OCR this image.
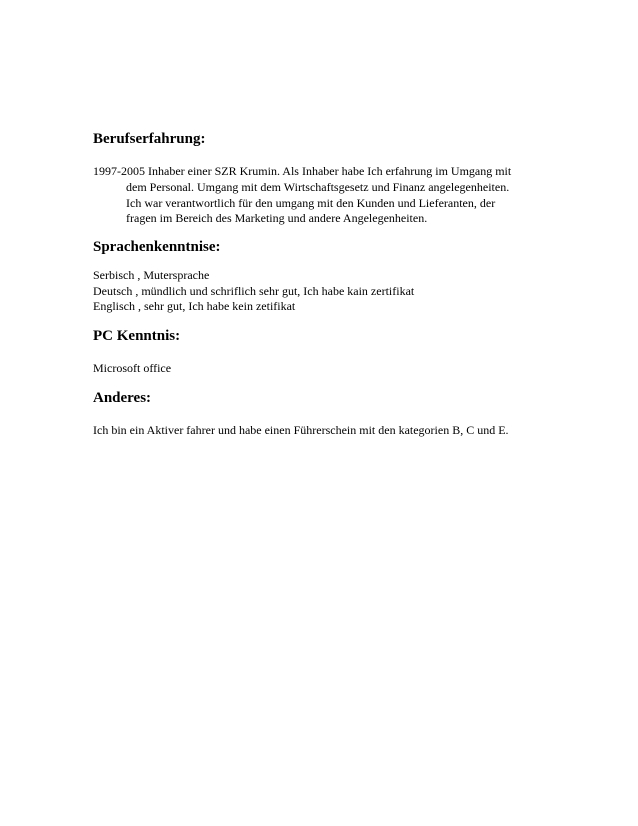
Berufserfahrung:
1997-2005 Inhaber einer SZR Krumin. Als Inhaber habe Ich erfahrung im Umgang mit
dem Personal. Umgang mit dem Wirtschaftsgesetz und Finanz angelegenheiten.
Ich war verantwortlich für den umgang mit den Kunden und Lieferanten, der
fragen im Bereich des Marketing und andere Angelegenheiten.
Sprachenkenntnise:
Serbisch , Mutersprache
Deutsch , mündlich und schriflich sehr gut, Ich habe kain zertifikat
Englisch , sehr gut, Ich habe kein zetifikat
PC Kenntnis:
Microsoft office
Anderes:
Ich bin ein Aktiver fahrer und habe einen Führerschein mit den kategorien B, C und E.
